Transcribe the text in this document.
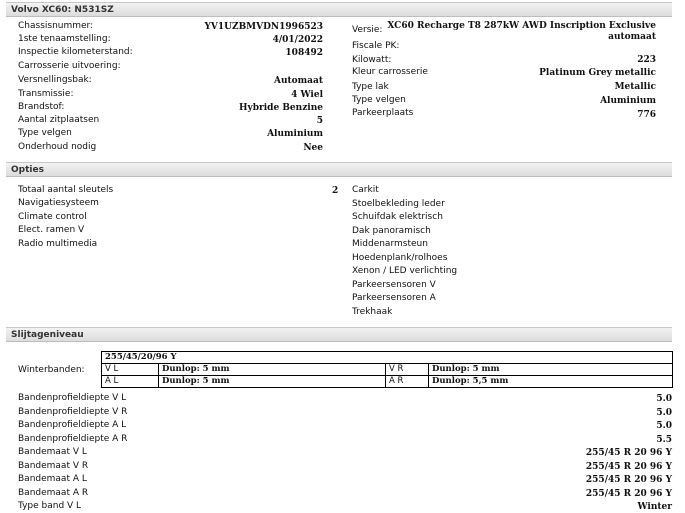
Volvo XC60: N531SZ
Chassisnummer:	YV1UZBMVDN1996523
1ste tenaamstelling:	4/01/2022
Inspectie kilometerstand:	108492
Carrosserie uitvoering:
Versnellingsbak:	Automaat
Transmissie:	4 Wiel
Brandstof:	Hybride Benzine
Aantal zitplaatsen	5
Type velgen	Aluminium
Onderhoud nodig	Nee
Versie: XC60 Recharge T8 287kW AWD Inscription Exclusive
automaat
Fiscale PK:
Kilowatt:	223
Kleur carrosserie	Platinum Grey metallic
Type lak	Metallic
Type velgen	Aluminium
Parkeerplaats	776
Opties
Totaal aantal sleutels	2
Navigatiesysteem
Climate control
Elect. ramen V
Radio multimedia
Carkit
Stoelbekleding leder
Schuifdak elektrisch
Dak panoramisch
Middenarmsteun
Hoedenplank/rolhoes
Xenon / LED verlichting
Parkeersensoren V
Parkeersensoren A
Trekhaak
Slijtageniveau
Winterbanden:
255/45/20/96 Y			
V L	Dunlop: 5 mm	V R	Dunlop: 5 mm
A L	Dunlop: 5 mm	A R	Dunlop: 5,5 mm
Bandenprofieldiepte V L	5.0
Bandenprofieldiepte V R	5.0
Bandenprofieldiepte A L	5.0
Bandenprofieldiepte A R	5.5
Bandemaat V L	255/45 R 20 96 Y
Bandemaat V R	255/45 R 20 96 Y
Bandemaat A L	255/45 R 20 96 Y
Bandemaat A R	255/45 R 20 96 Y
Type band V L	Winter
